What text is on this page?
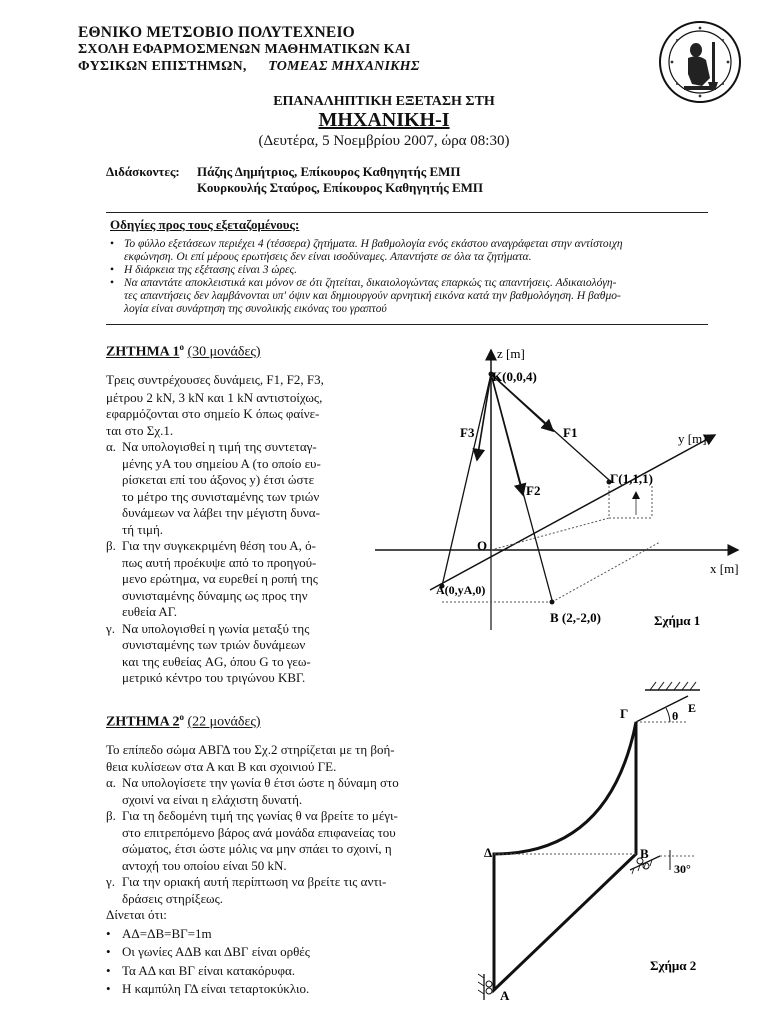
ΕΘΝΙΚΟ ΜΕΤΣΟΒΙΟ ΠΟΛΥΤΕΧΝΕΙΟ
ΣΧΟΛΗ ΕΦΑΡΜΟΣΜΕΝΩΝ ΜΑΘΗΜΑΤΙΚΩΝ ΚΑΙ
ΦΥΣΙΚΩΝ ΕΠΙΣΤΗΜΩΝ, ΤΟΜΕΑΣ ΜΗΧΑΝΙΚΗΣ
ΕΠΑΝΑΛΗΠΤΙΚΗ ΕΞΕΤΑΣΗ ΣΤΗ
ΜΗΧΑΝΙΚΗ-Ι
(Δευτέρα, 5 Νοεμβρίου 2007, ώρα 08:30)
Διδάσκοντες: Πάζης Δημήτριος, Επίκουρος Καθηγητής ΕΜΠ
Κουρκουλής Σταύρος, Επίκουρος Καθηγητής ΕΜΠ
Οδηγίες προς τους εξεταζομένους:
• Το φύλλο εξετάσεων περιέχει 4 (τέσσερα) ζητήματα. Η βαθμολογία ενός εκάστου αναγράφεται στην αντίστοιχη
εκφώνηση. Οι επί μέρους ερωτήσεις δεν είναι ισοδύναμες. Απαντήστε σε όλα τα ζητήματα.
• Η διάρκεια της εξέτασης είναι 3 ώρες.
• Να απαντάτε αποκλειστικά και μόνον σε ότι ζητείται, δικαιολογώντας επαρκώς τις απαντήσεις. Αδικαιολόγη-
τες απαντήσεις δεν λαμβάνονται υπ' όψιν και δημιουργούν αρνητική εικόνα κατά την βαθμολόγηση. Η βαθμο-
λογία είναι συνάρτηση της συνολικής εικόνας του γραπτού
ΖΗΤΗΜΑ $1^o$ (30 μονάδες)

Τρεις συντρέχουσες δυνάμεις, F1, F2, F3,

μέτρου 2 kN, 3 kN και 1 kN αντιστοίχως,

εφαρμόζονται στο σημείο Κ όπως φαίνε-

ται στο Σχ.1.

α. Να υπολογισθεί η τιμή της συντεταγ-

μένης yA του σημείου Α (το οποίο ευ-

ρίσκεται επί του άξονος y) έτσι ώστε

το μέτρο της συνισταμένης των τριών

δυνάμεων να λάβει την μέγιστη δυνα-

τή τιμή.

β. Για την συγκεκριμένη θέση του Α, ό-

πως αυτή προέκυψε από το προηγού-

μενο ερώτημα, να ευρεθεί η ροπή της

συνισταμένης δύναμης ως προς την

ευθεία ΑΓ.

γ. Να υπολογισθεί η γωνία μεταξύ της

συνισταμένης των τριών δυνάμεων

και της ευθείας AG, όπου G το γεω-

μετρικό κέντρο του τριγώνου ΚΒΓ.

z [m]
K(0,0,4)
y [m]
F1
F2
F3
Γ(1,1,1)
O
x [m]
A(0,yA,0)
B (2,-2,0)	Σχήμα 1
ΖΗΤΗΜΑ $2^o$ (22 μονάδες)

Το επίπεδο σώμα ΑΒΓΔ του Σχ.2 στηρίζεται με τη βοή-

θεια κυλίσεων στα Α και Β και σχοινιού ΓΕ.

α. Να υπολογίσετε την γωνία θ έτσι ώστε η δύναμη στο

σχοινί να είναι η ελάχιστη δυνατή.

β. Για τη δεδομένη τιμή της γωνίας θ να βρείτε το μέγι-

στο επιτρεπόμενο βάρος ανά μονάδα επιφανείας του

σώματος, έτσι ώστε μόλις να μην σπάει το σχοινί, η

αντοχή του οποίου είναι 50 kN.

γ. Για την οριακή αυτή περίπτωση να βρείτε τις αντι-

δράσεις στηρίξεως.

Δίνεται ότι:

• ΑΔ=ΔΒ=ΒΓ=1m
• Οι γωνίες ΑΔΒ και ΔΒΓ είναι ορθές
• Τα ΑΔ και ΒΓ είναι κατακόρυφα.
• Η καμπύλη ΓΔ είναι τεταρτοκύκλιο.
Γ	E
θ
Δ	B
30°
A
Σχήμα 2
